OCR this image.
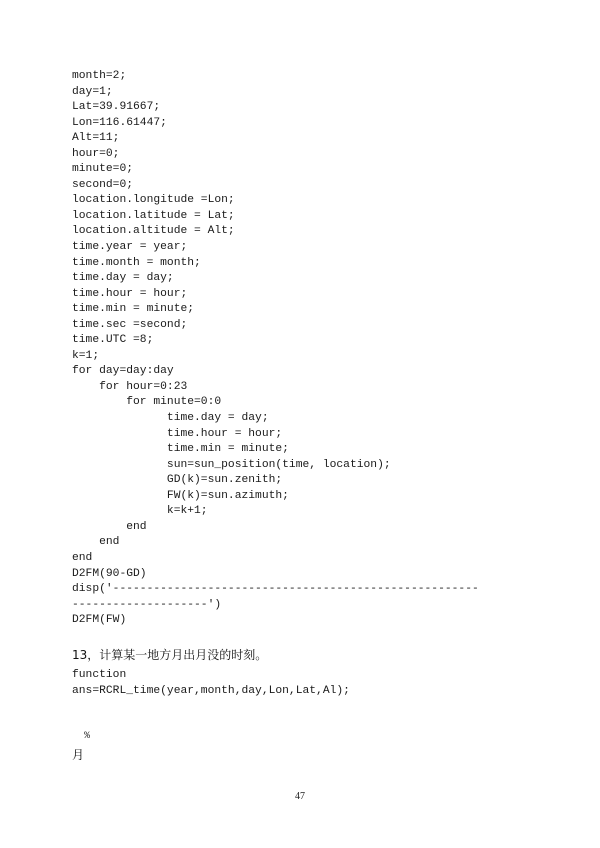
month=2;
day=1;
Lat=39.91667;
Lon=116.61447;
Alt=11;
hour=0;
minute=0;
second=0;
location.longitude =Lon;
location.latitude = Lat;
location.altitude = Alt;
time.year = year;
time.month = month;
time.day = day;
time.hour = hour;
time.min = minute;
time.sec =second;
time.UTC =8;
k=1;
for day=day:day
for hour=0:23
for minute=0:0
time.day = day;
time.hour = hour;
time.min = minute;
sun=sun_position(time, location);
GD(k)=sun.zenith;
FW(k)=sun.azimuth;
k=k+1;
end
end
end
D2FM(90-GD)
disp('------------------------------------------------------
--------------------')
D2FM(FW)
13，计算某一地方月出月没的时刻。
function
ans=RCRL_time(year,month,day,Lon,Lat,Al);
%
月
47
